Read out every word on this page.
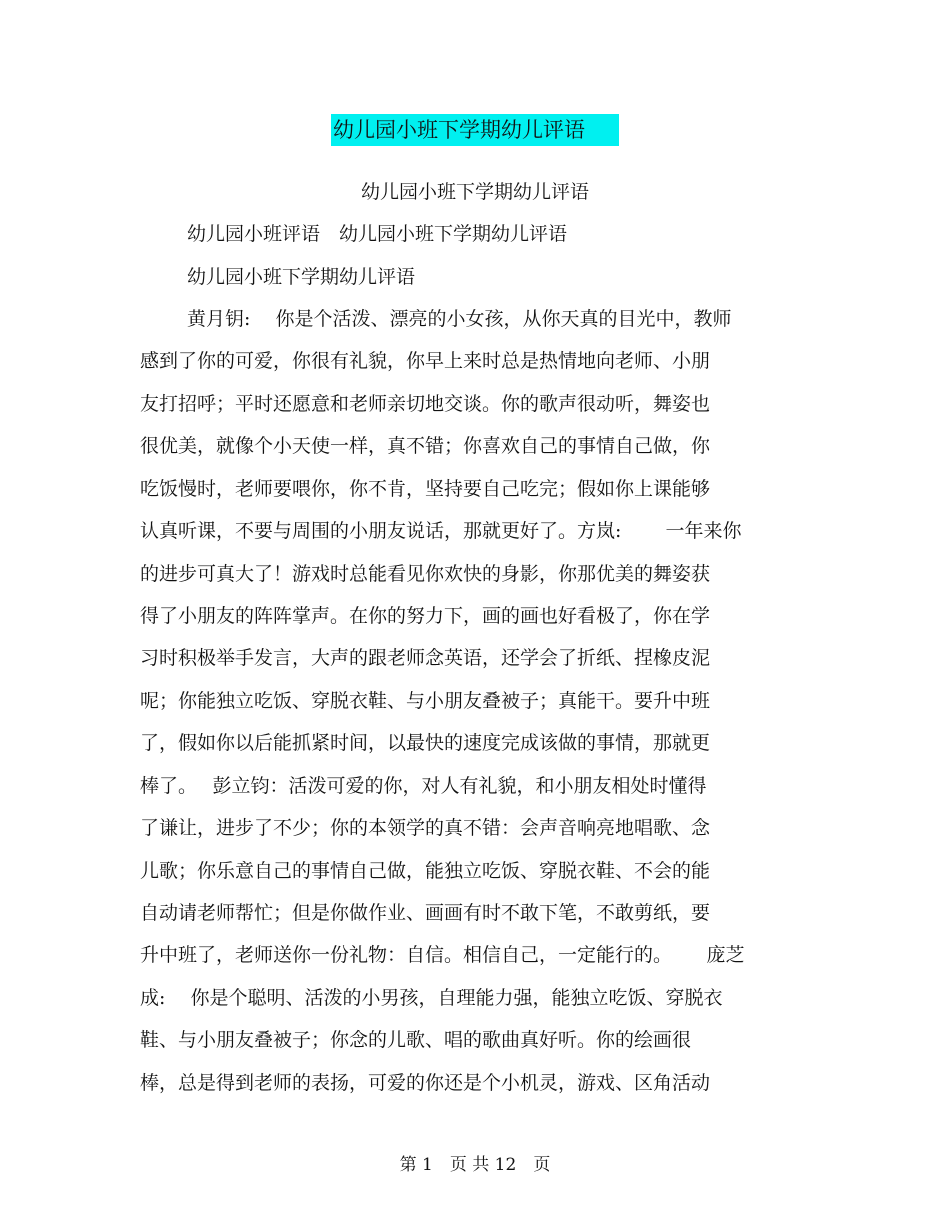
幼儿园小班下学期幼儿评语
幼儿园小班下学期幼儿评语
幼儿园小班评语　幼儿园小班下学期幼儿评语
幼儿园小班下学期幼儿评语
黄月钥:　 你是个活泼、漂亮的小女孩，从你天真的目光中，教师
感到了你的可爱，你很有礼貌，你早上来时总是热情地向老师、小朋
友打招呼；平时还愿意和老师亲切地交谈。你的歌声很动听，舞姿也
很优美，就像个小天使一样，真不错；你喜欢自己的事情自己做，你
吃饭慢时，老师要喂你，你不肯，坚持要自己吃完；假如你上课能够
认真听课，不要与周围的小朋友说话，那就更好了。方岚:　　 一年来你
的进步可真大了！游戏时总能看见你欢快的身影，你那优美的舞姿获
得了小朋友的阵阵掌声。在你的努力下，画的画也好看极了，你在学
习时积极举手发言，大声的跟老师念英语，还学会了折纸、捏橡皮泥
呢；你能独立吃饭、穿脱衣鞋、与小朋友叠被子；真能干。要升中班
了，假如你以后能抓紧时间，以最快的速度完成该做的事情，那就更
棒了。　 彭立钧：活泼可爱的你，对人有礼貌，和小朋友相处时懂得
了谦让，进步了不少；你的本领学的真不错：会声音响亮地唱歌、念
儿歌；你乐意自己的事情自己做，能独立吃饭、穿脱衣鞋、不会的能
自动请老师帮忙；但是你做作业、画画有时不敢下笔，不敢剪纸，要
升中班了，老师送你一份礼物：自信。相信自己，一定能行的。　　 庞芝
成:　 你是个聪明、活泼的小男孩，自理能力强，能独立吃饭、穿脱衣
鞋、与小朋友叠被子；你念的儿歌、唱的歌曲真好听。你的绘画很
棒，总是得到老师的表扬，可爱的你还是个小机灵，游戏、区角活动
第 1　页 共 12　页
